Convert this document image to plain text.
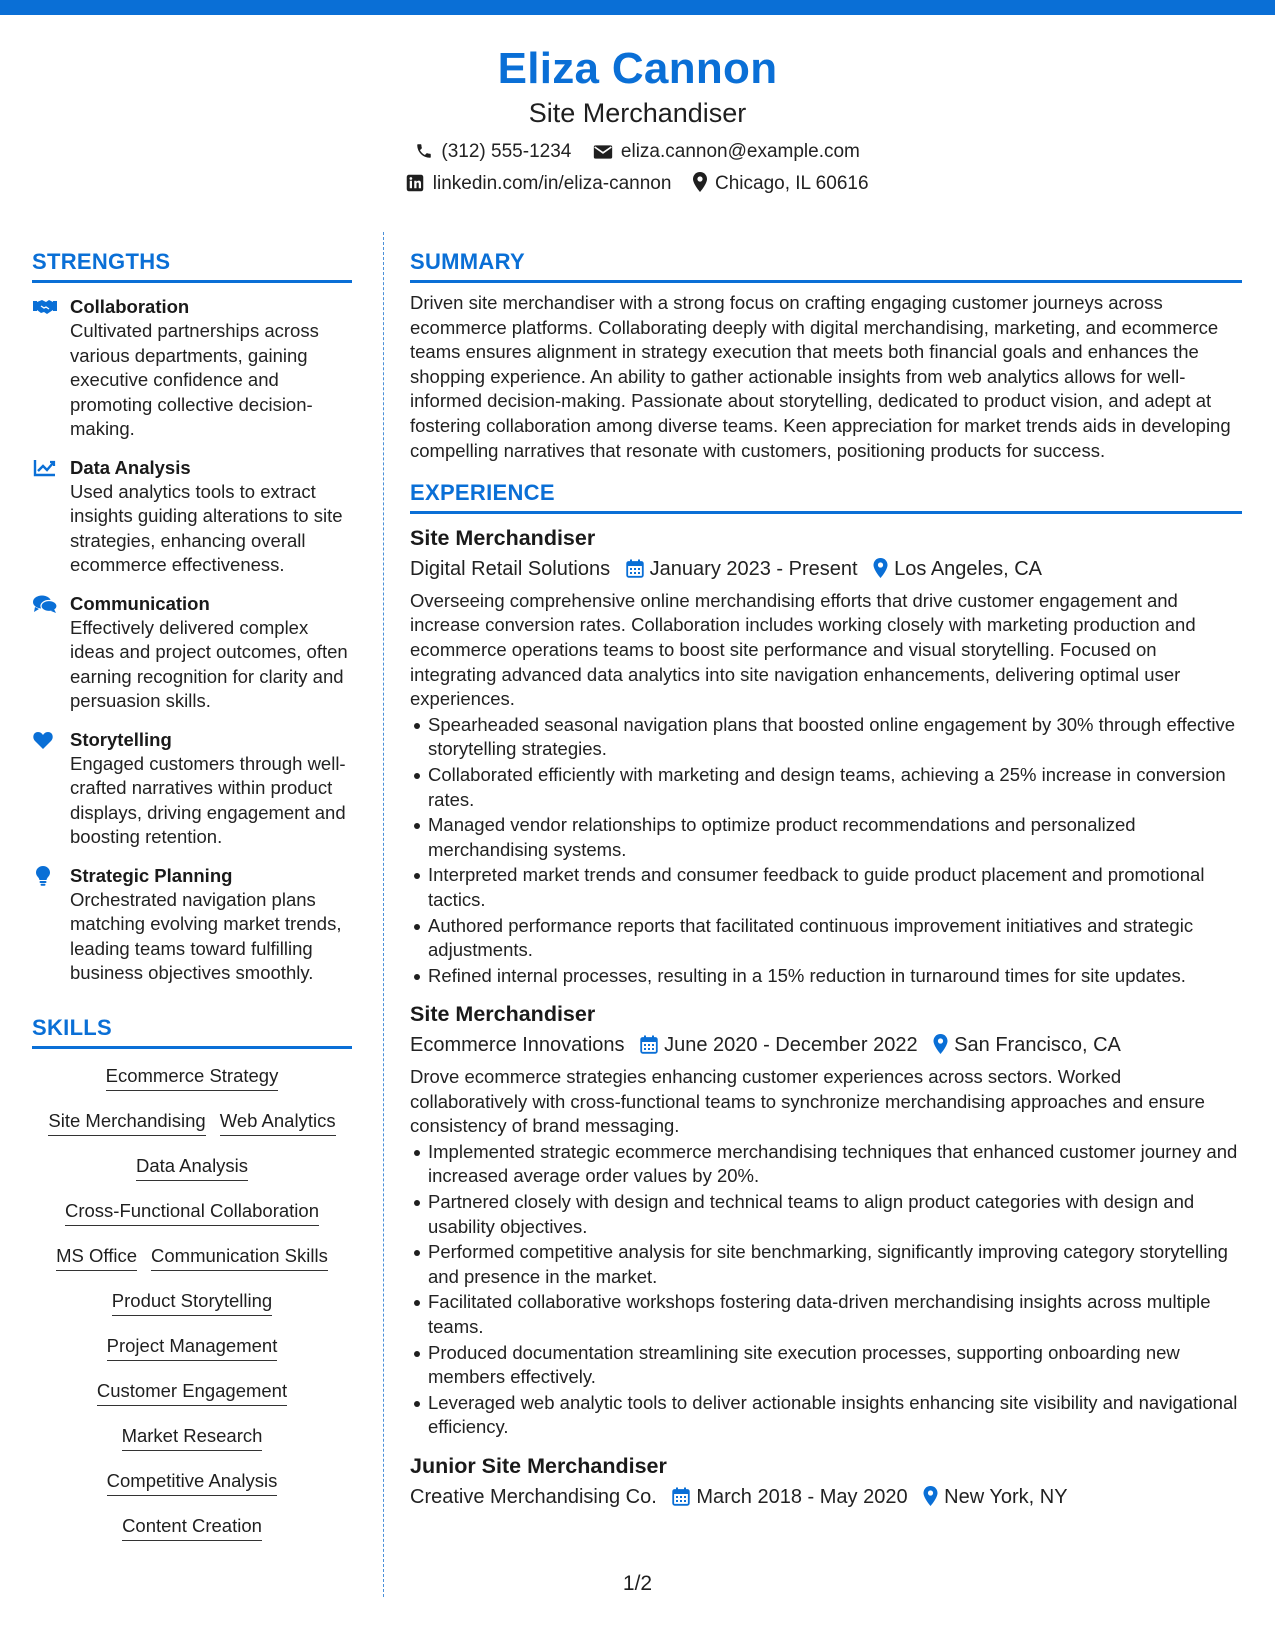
Eliza Cannon
Site Merchandiser
(312) 555-1234	eliza.cannon@example.com
linkedin.com/in/eliza-cannon Chicago, IL 60616
STRENGTHS
Collaboration
Cultivated partnerships across various departments, gaining executive confidence and promoting collective decision-making.
Data Analysis
Used analytics tools to extract insights guiding alterations to site strategies, enhancing overall ecommerce effectiveness.
Communication
Effectively delivered complex ideas and project outcomes, often earning recognition for clarity and persuasion skills.
Storytelling
Engaged customers through well-crafted narratives within product displays, driving engagement and boosting retention.
Strategic Planning
Orchestrated navigation plans matching evolving market trends, leading teams toward fulfilling business objectives smoothly.
SKILLS
Ecommerce Strategy
Site Merchandising Web Analytics
Data Analysis
Cross-Functional Collaboration
MS Office Communication Skills
Product Storytelling
Project Management
Customer Engagement
Market Research
Competitive Analysis
Content Creation
SUMMARY
Driven site merchandiser with a strong focus on crafting engaging customer journeys across ecommerce platforms. Collaborating deeply with digital merchandising, marketing, and ecommerce teams ensures alignment in strategy execution that meets both financial goals and enhances the shopping experience. An ability to gather actionable insights from web analytics allows for well-informed decision-making. Passionate about storytelling, dedicated to product vision, and adept at fostering collaboration among diverse teams. Keen appreciation for market trends aids in developing compelling narratives that resonate with customers, positioning products for success.
EXPERIENCE
Site Merchandiser
Digital Retail Solutions January 2023 - Present Los Angeles, CA
Overseeing comprehensive online merchandising efforts that drive customer engagement and increase conversion rates. Collaboration includes working closely with marketing production and ecommerce operations teams to boost site performance and visual storytelling. Focused on integrating advanced data analytics into site navigation enhancements, delivering optimal user experiences.
Spearheaded seasonal navigation plans that boosted online engagement by 30% through effective storytelling strategies.
Collaborated efficiently with marketing and design teams, achieving a 25% increase in conversion rates.
Managed vendor relationships to optimize product recommendations and personalized merchandising systems.
Interpreted market trends and consumer feedback to guide product placement and promotional tactics.
Authored performance reports that facilitated continuous improvement initiatives and strategic adjustments.
Refined internal processes, resulting in a 15% reduction in turnaround times for site updates.
Site Merchandiser
Ecommerce Innovations June 2020 - December 2022 San Francisco, CA
Drove ecommerce strategies enhancing customer experiences across sectors. Worked collaboratively with cross-functional teams to synchronize merchandising approaches and ensure consistency of brand messaging.
Implemented strategic ecommerce merchandising techniques that enhanced customer journey and increased average order values by 20%.
Partnered closely with design and technical teams to align product categories with design and usability objectives.
Performed competitive analysis for site benchmarking, significantly improving category storytelling and presence in the market.
Facilitated collaborative workshops fostering data-driven merchandising insights across multiple teams.
Produced documentation streamlining site execution processes, supporting onboarding new members effectively.
Leveraged web analytic tools to deliver actionable insights enhancing site visibility and navigational efficiency.
Junior Site Merchandiser
Creative Merchandising Co. March 2018 - May 2020 New York, NY
1/2
